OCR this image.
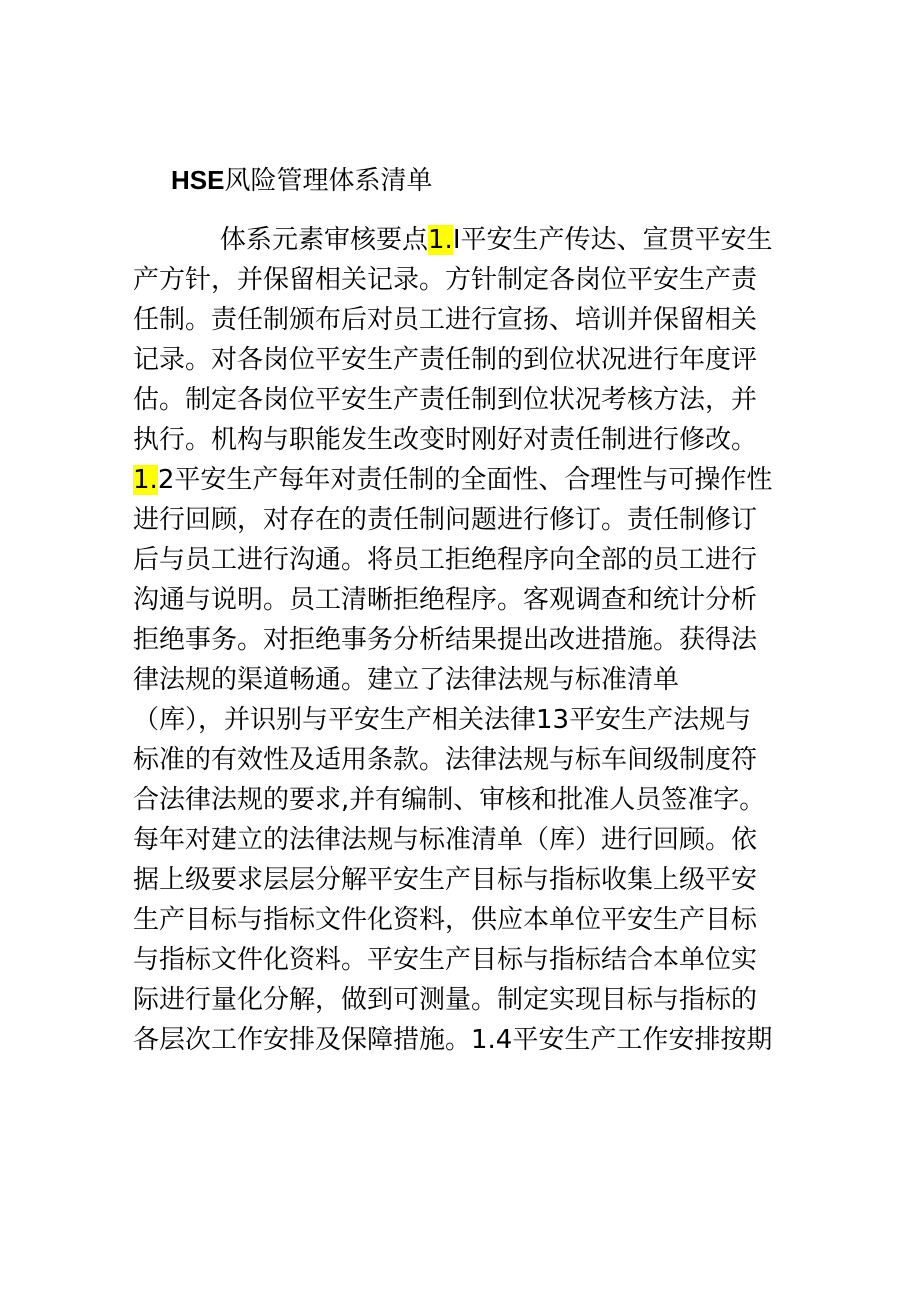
HSE风险管理体系清单
体系元素审核要点1.I平安生产传达、宣贯平安生
产方针，并保留相关记录。方针制定各岗位平安生产责
任制。责任制颁布后对员工进行宣扬、培训并保留相关
记录。对各岗位平安生产责任制的到位状况进行年度评
估。制定各岗位平安生产责任制到位状况考核方法，并
执行。机构与职能发生改变时刚好对责任制进行修改。
1.2平安生产每年对责任制的全面性、合理性与可操作性
进行回顾，对存在的责任制问题进行修订。责任制修订
后与员工进行沟通。将员工拒绝程序向全部的员工进行
沟通与说明。员工清晰拒绝程序。客观调查和统计分析
拒绝事务。对拒绝事务分析结果提出改进措施。获得法
律法规的渠道畅通。建立了法律法规与标准清单
（库），并识别与平安生产相关法律13平安生产法规与
标准的有效性及适用条款。法律法规与标车间级制度符
合法律法规的要求,并有编制、审核和批准人员签准字。
每年对建立的法律法规与标准清单（库）进行回顾。依
据上级要求层层分解平安生产目标与指标收集上级平安
生产目标与指标文件化资料，供应本单位平安生产目标
与指标文件化资料。平安生产目标与指标结合本单位实
际进行量化分解，做到可测量。制定实现目标与指标的
各层次工作安排及保障措施。1.4平安生产工作安排按期
